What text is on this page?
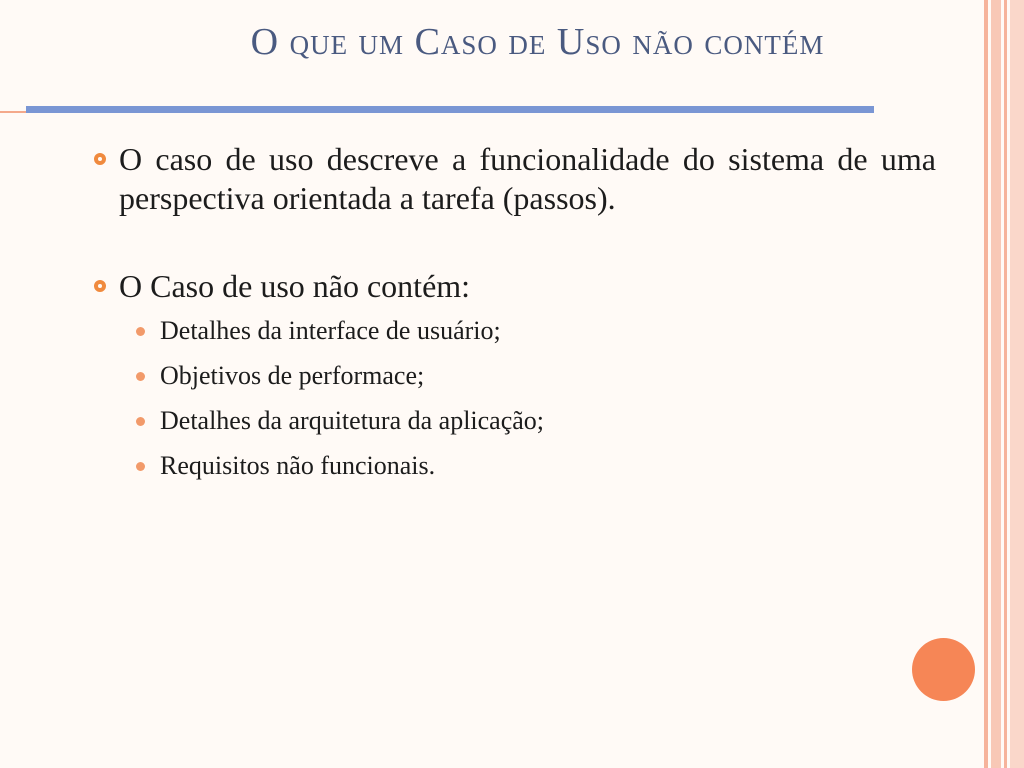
O que um Caso de Uso não contém
O caso de uso descreve a funcionalidade do sistema de uma perspectiva orientada a tarefa (passos).
O Caso de uso não contém:
Detalhes da interface de usuário;
Objetivos de performace;
Detalhes da arquitetura da aplicação;
Requisitos não funcionais.
